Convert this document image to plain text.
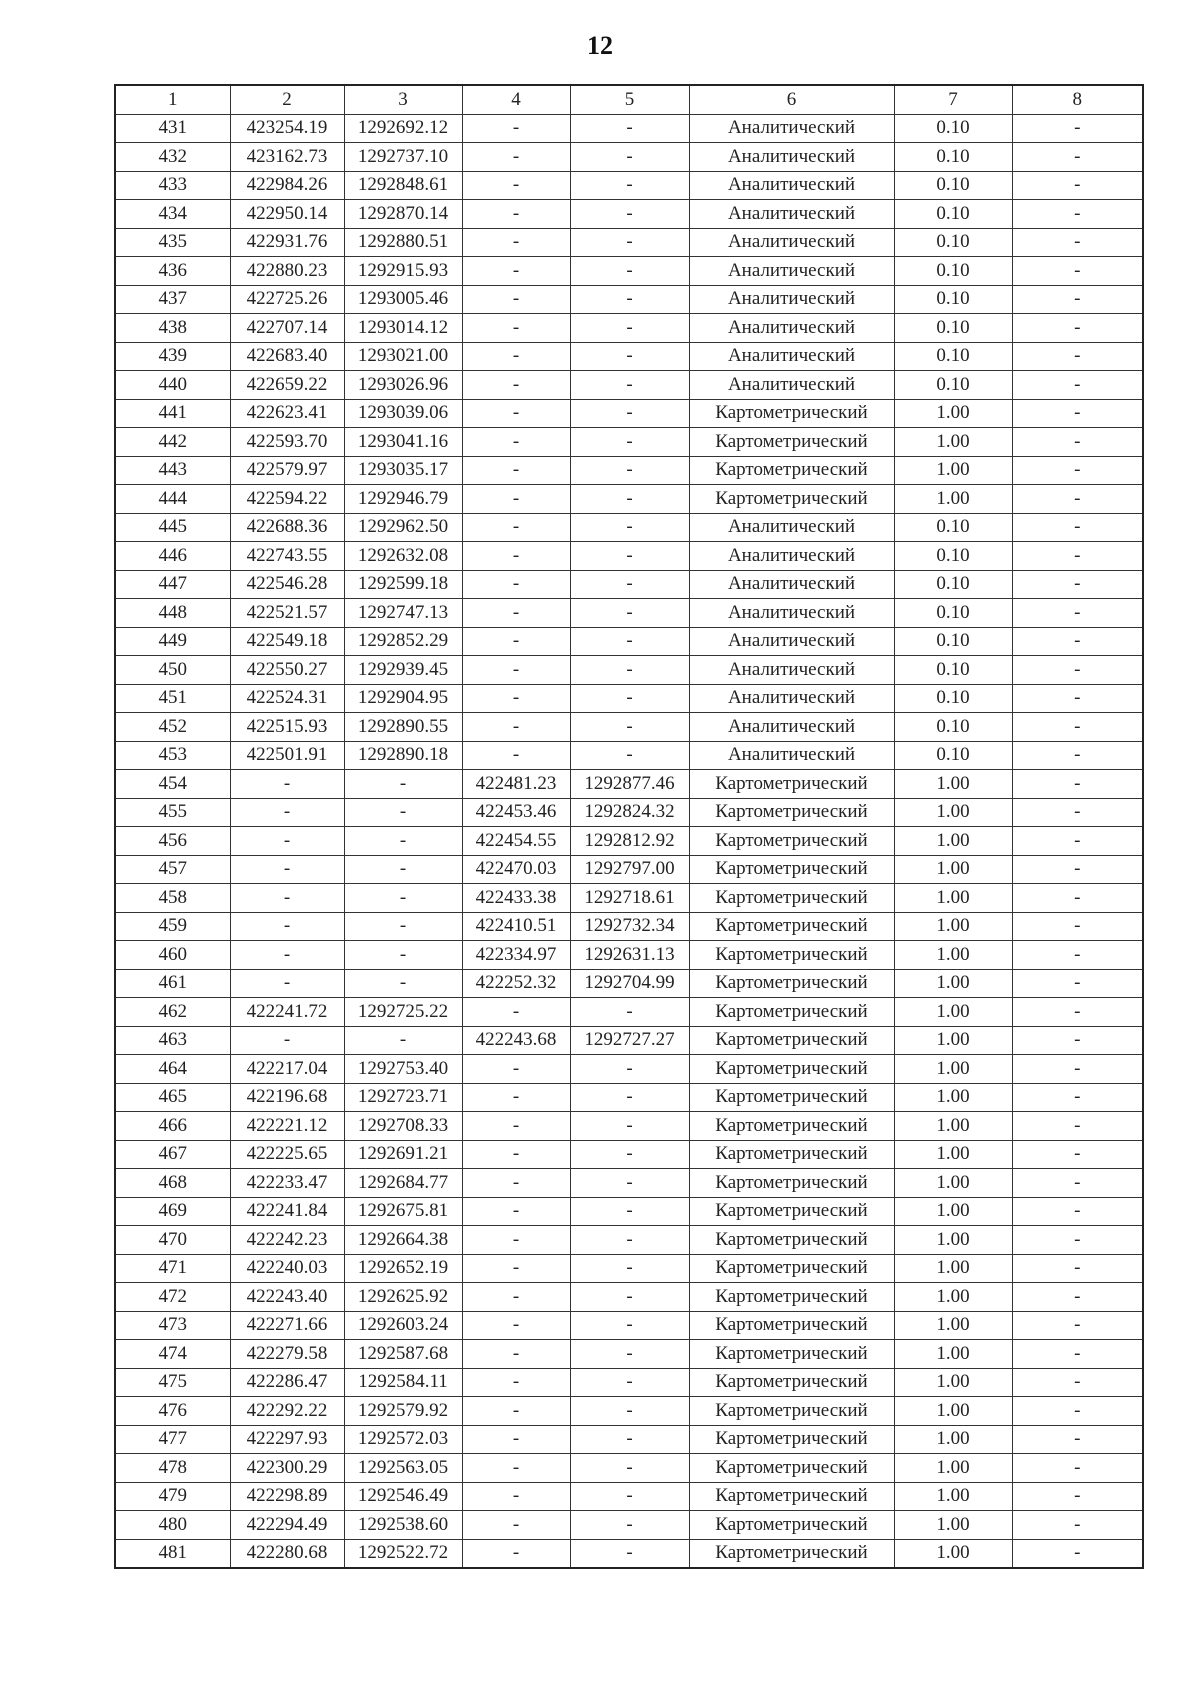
12
1	2	3	4	5	6	7	8
431	423254.19	1292692.12	-	-	Аналитический	0.10	-
432	423162.73	1292737.10	-	-	Аналитический	0.10	-
433	422984.26	1292848.61	-	-	Аналитический	0.10	-
434	422950.14	1292870.14	-	-	Аналитический	0.10	-
435	422931.76	1292880.51	-	-	Аналитический	0.10	-
436	422880.23	1292915.93	-	-	Аналитический	0.10	-
437	422725.26	1293005.46	-	-	Аналитический	0.10	-
438	422707.14	1293014.12	-	-	Аналитический	0.10	-
439	422683.40	1293021.00	-	-	Аналитический	0.10	-
440	422659.22	1293026.96	-	-	Аналитический	0.10	-
441	422623.41	1293039.06	-	-	Картометрический	1.00	-
442	422593.70	1293041.16	-	-	Картометрический	1.00	-
443	422579.97	1293035.17	-	-	Картометрический	1.00	-
444	422594.22	1292946.79	-	-	Картометрический	1.00	-
445	422688.36	1292962.50	-	-	Аналитический	0.10	-
446	422743.55	1292632.08	-	-	Аналитический	0.10	-
447	422546.28	1292599.18	-	-	Аналитический	0.10	-
448	422521.57	1292747.13	-	-	Аналитический	0.10	-
449	422549.18	1292852.29	-	-	Аналитический	0.10	-
450	422550.27	1292939.45	-	-	Аналитический	0.10	-
451	422524.31	1292904.95	-	-	Аналитический	0.10	-
452	422515.93	1292890.55	-	-	Аналитический	0.10	-
453	422501.91	1292890.18	-	-	Аналитический	0.10	-
454	-	-	422481.23	1292877.46	Картометрический	1.00	-
455	-	-	422453.46	1292824.32	Картометрический	1.00	-
456	-	-	422454.55	1292812.92	Картометрический	1.00	-
457	-	-	422470.03	1292797.00	Картометрический	1.00	-
458	-	-	422433.38	1292718.61	Картометрический	1.00	-
459	-	-	422410.51	1292732.34	Картометрический	1.00	-
460	-	-	422334.97	1292631.13	Картометрический	1.00	-
461	-	-	422252.32	1292704.99	Картометрический	1.00	-
462	422241.72	1292725.22	-	-	Картометрический	1.00	-
463	-	-	422243.68	1292727.27	Картометрический	1.00	-
464	422217.04	1292753.40	-	-	Картометрический	1.00	-
465	422196.68	1292723.71	-	-	Картометрический	1.00	-
466	422221.12	1292708.33	-	-	Картометрический	1.00	-
467	422225.65	1292691.21	-	-	Картометрический	1.00	-
468	422233.47	1292684.77	-	-	Картометрический	1.00	-
469	422241.84	1292675.81	-	-	Картометрический	1.00	-
470	422242.23	1292664.38	-	-	Картометрический	1.00	-
471	422240.03	1292652.19	-	-	Картометрический	1.00	-
472	422243.40	1292625.92	-	-	Картометрический	1.00	-
473	422271.66	1292603.24	-	-	Картометрический	1.00	-
474	422279.58	1292587.68	-	-	Картометрический	1.00	-
475	422286.47	1292584.11	-	-	Картометрический	1.00	-
476	422292.22	1292579.92	-	-	Картометрический	1.00	-
477	422297.93	1292572.03	-	-	Картометрический	1.00	-
478	422300.29	1292563.05	-	-	Картометрический	1.00	-
479	422298.89	1292546.49	-	-	Картометрический	1.00	-
480	422294.49	1292538.60	-	-	Картометрический	1.00	-
481	422280.68	1292522.72	-	-	Картометрический	1.00	-
